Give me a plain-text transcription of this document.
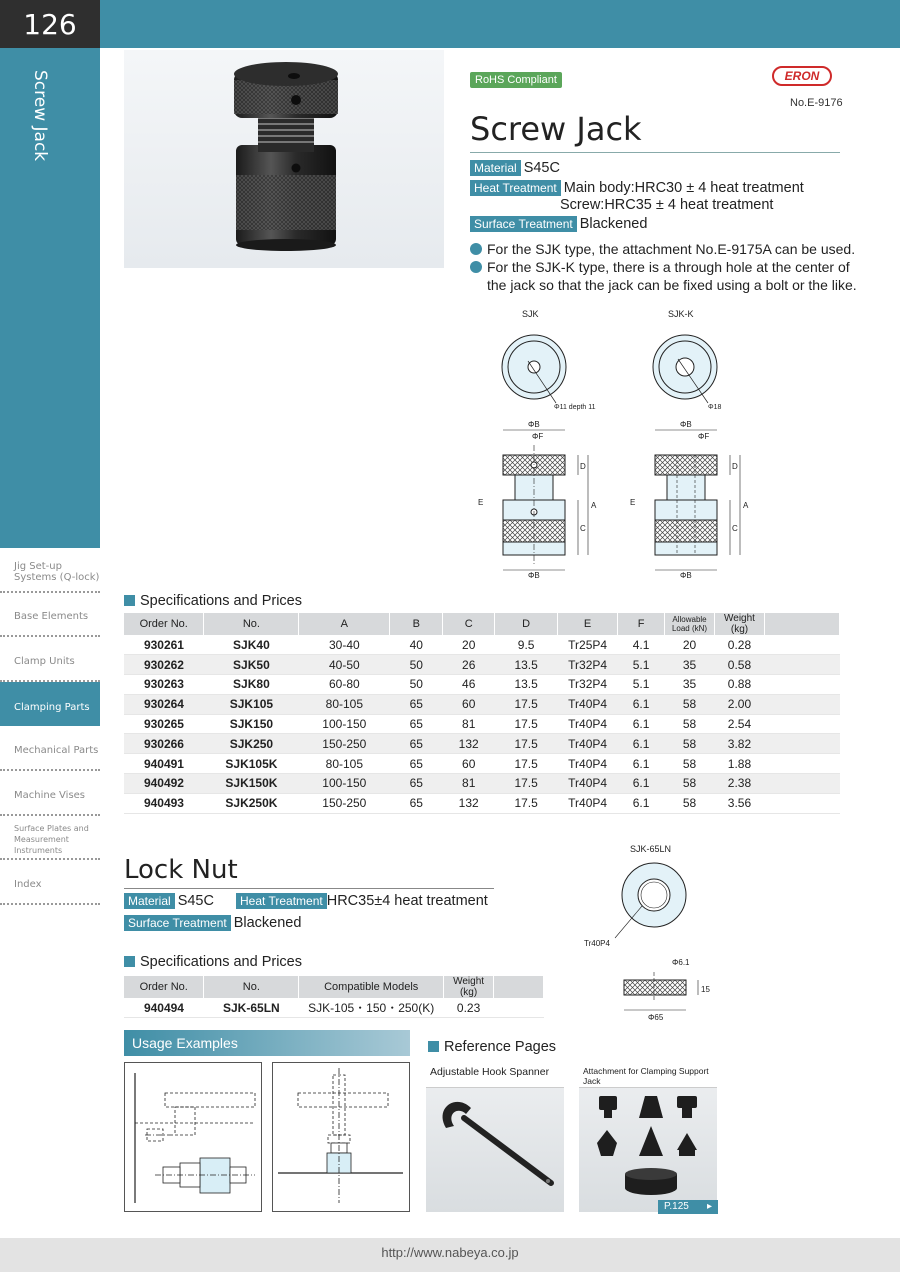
126
Screw Jack
Jig Set-up Systems (Q-lock)
Base Elements
Clamp Units
Clamping Parts
Mechanical Parts
Machine Vises
Surface Plates and Measurement Instruments
Index
RoHS Compliant	ERON
No.E-9176
Screw Jack
Material S45C
Heat Treatment Main body:HRC30 ± 4 heat treatment
Screw:HRC35 ± 4 heat treatment
Surface Treatment Blackened
For the SJK type, the attachment No.E-9175A can be used.
For the SJK-K type, there is a through hole at the center of the jack so that the jack can be fixed using a bolt or the like.
SJK	SJK-K
Φ11 depth 11	Φ18
ΦB
ΦF
ΦB
D
A
C
E
ΦB
ΦF
ΦB
D
A
C
E
Specifications and Prices
Order No.	No.	A	B	C	D	E	F	Allowable Load (kN)	Weight (kg)	
930261	SJK40	30-40	40	20	9.5	Tr25P4	4.1	20	0.28	
930262	SJK50	40-50	50	26	13.5	Tr32P4	5.1	35	0.58	
930263	SJK80	60-80	50	46	13.5	Tr32P4	5.1	35	0.88	
930264	SJK105	80-105	65	60	17.5	Tr40P4	6.1	58	2.00	
930265	SJK150	100-150	65	81	17.5	Tr40P4	6.1	58	2.54	
930266	SJK250	150-250	65	132	17.5	Tr40P4	6.1	58	3.82	
940491	SJK105K	80-105	65	60	17.5	Tr40P4	6.1	58	1.88	
940492	SJK150K	100-150	65	81	17.5	Tr40P4	6.1	58	2.38	
940493	SJK250K	150-250	65	132	17.5	Tr40P4	6.1	58	3.56	
Lock Nut
Material S45C	Heat Treatment HRC35±4 heat treatment
Surface Treatment Blackened
SJK-65LN
Tr40P4
Φ6.1
Φ65
15
Specifications and Prices
Order No.	No.	Compatible Models	Weight (kg)	
940494	SJK-65LN	SJK-105・150・250(K)	0.23	
Usage Examples	Reference Pages
Adjustable Hook Spanner	Attachment for Clamping Support Jack
P.125 ▸
http://www.nabeya.co.jp
